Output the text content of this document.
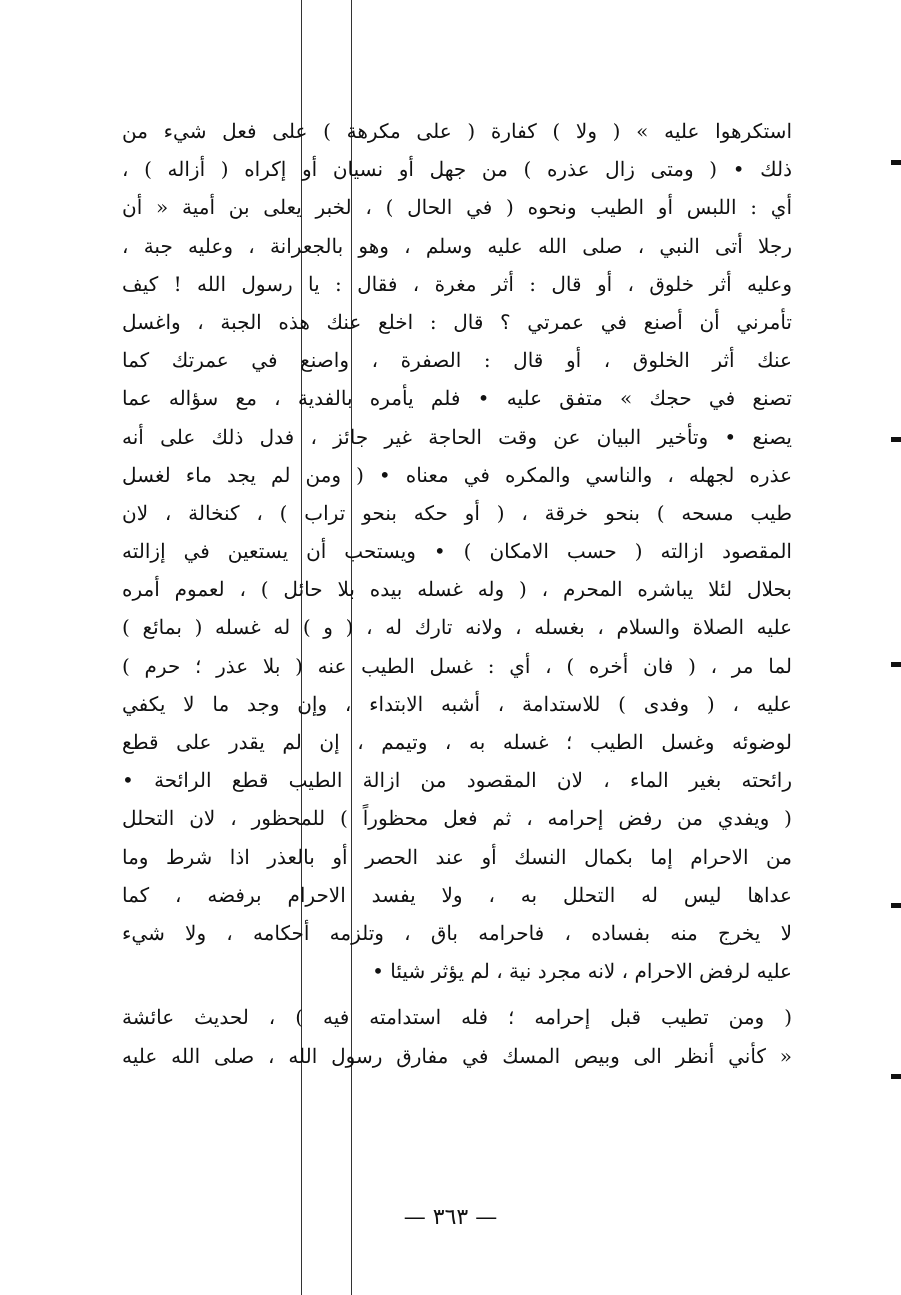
استكرهوا عليه » ( ولا ) كفارة ( على مكرهة ) على فعل شيء من
ذلك • ( ومتى زال عذره ) من جهل أو نسيان أو إكراه ( أزاله ) ،
أي : اللبس أو الطيب ونحوه ( في الحال ) ، لخبر يعلى بن أمية « أن
رجلا أتى النبي ، صلى الله عليه وسلم ، وهو بالجعرانة ، وعليه جبة ،
وعليه أثر خلوق ، أو قال : أثر مغرة ، فقال : يا رسول الله ! كيف
تأمرني أن أصنع في عمرتي ؟ قال : اخلع عنك هذه الجبة ، واغسل
عنك أثر الخلوق ، أو قال : الصفرة ، واصنع في عمرتك كما
تصنع في حجك » متفق عليه • فلم يأمره بالفدية ، مع سؤاله عما
يصنع • وتأخير البيان عن وقت الحاجة غير جائز ، فدل ذلك على أنه
عذره لجهله ، والناسي والمكره في معناه • ( ومن لم يجد ماء لغسل
طيب مسحه ) بنحو خرقة ، ( أو حكه بنحو تراب ) ، كنخالة ، لان
المقصود ازالته ( حسب الامكان ) • ويستحب أن يستعين في إزالته
بحلال لئلا يباشره المحرم ، ( وله غسله بيده بلا حائل ) ، لعموم أمره
عليه الصلاة والسلام ، بغسله ، ولانه تارك له ، ( و ) له غسله ( بمائع )
لما مر ، ( فان أخره ) ، أي : غسل الطيب عنه ( بلا عذر ؛ حرم )
عليه ، ( وفدى ) للاستدامة ، أشبه الابتداء ، وإن وجد ما لا يكفي
لوضوئه وغسل الطيب ؛ غسله به ، وتيمم ، إن لم يقدر على قطع
رائحته بغير الماء ، لان المقصود من ازالة الطيب قطع الرائحة •
( ويفدي من رفض إحرامه ، ثم فعل محظوراً ) للمحظور ، لان التحلل
من الاحرام إما بكمال النسك أو عند الحصر أو بالعذر اذا شرط وما
عداها ليس له التحلل به ، ولا يفسد الاحرام برفضه ، كما
لا يخرج منه بفساده ، فاحرامه باق ، وتلزمه أحكامه ، ولا شيء
عليه لرفض الاحرام ، لانه مجرد نية ، لم يؤثر شيئا •
( ومن تطيب قبل إحرامه ؛ فله استدامته فيه ) ، لحديث عائشة
« كأني أنظر الى وبيص المسك في مفارق رسول الله ، صلى الله عليه
— ٣٦٣ —
